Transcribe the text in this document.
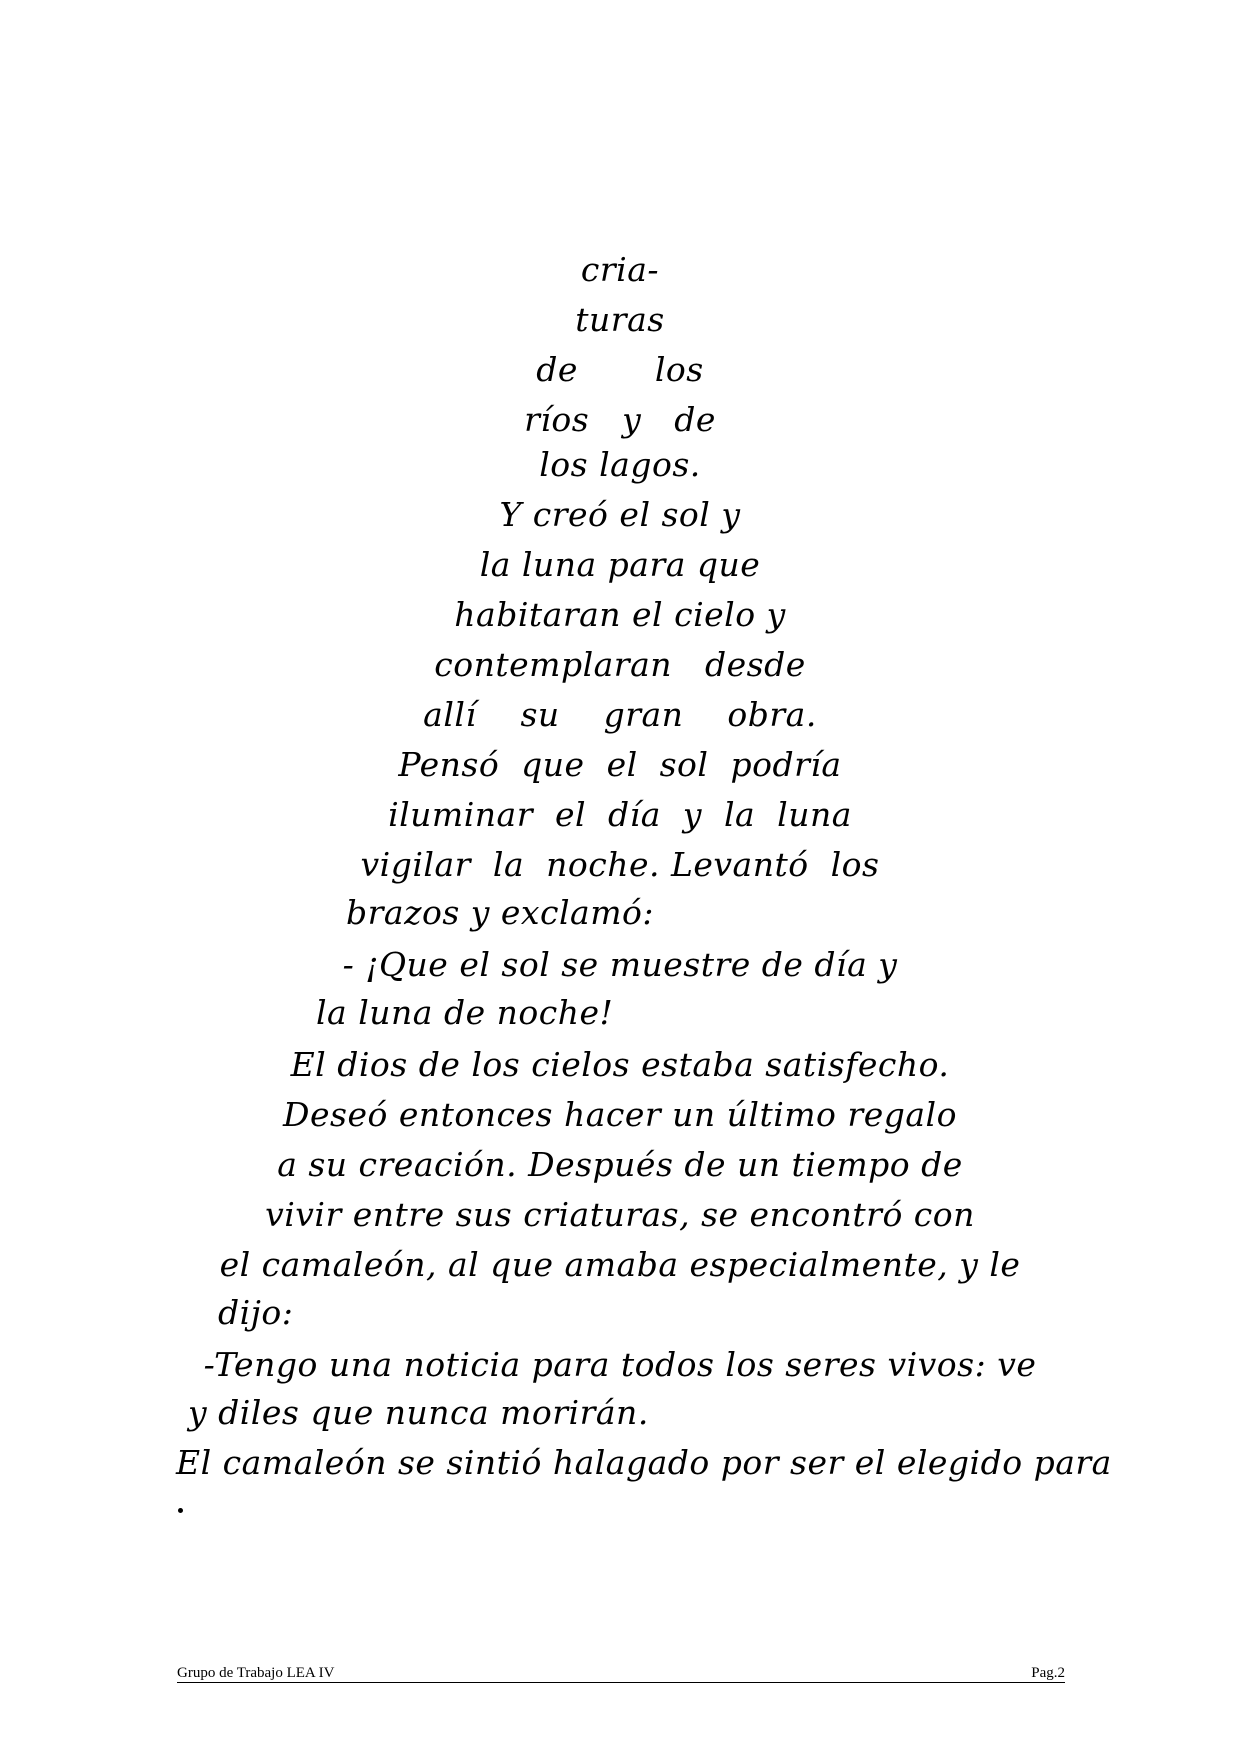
cria-
turas
de       los
ríos   y   de
los lagos.
Y creó el sol y
la luna para que
habitaran el cielo y
contemplaran   desde
allí    su    gran    obra.
Pensó  que  el  sol  podría
iluminar  el  día  y  la  luna
vigilar  la  noche. Levantó  los
brazos y exclamó:
- ¡Que el sol se muestre de día y
la luna de noche!
El dios de los cielos estaba satisfecho.
Deseó entonces hacer un último regalo
a su creación. Después de un tiempo de
vivir entre sus criaturas, se encontró con
el camaleón, al que amaba especialmente, y le
dijo:
-Tengo una noticia para todos los seres vivos: ve
y diles que nunca morirán.
El camaleón se sintió halagado por ser el elegido para
Grupo de Trabajo LEA IV	Pag.2
